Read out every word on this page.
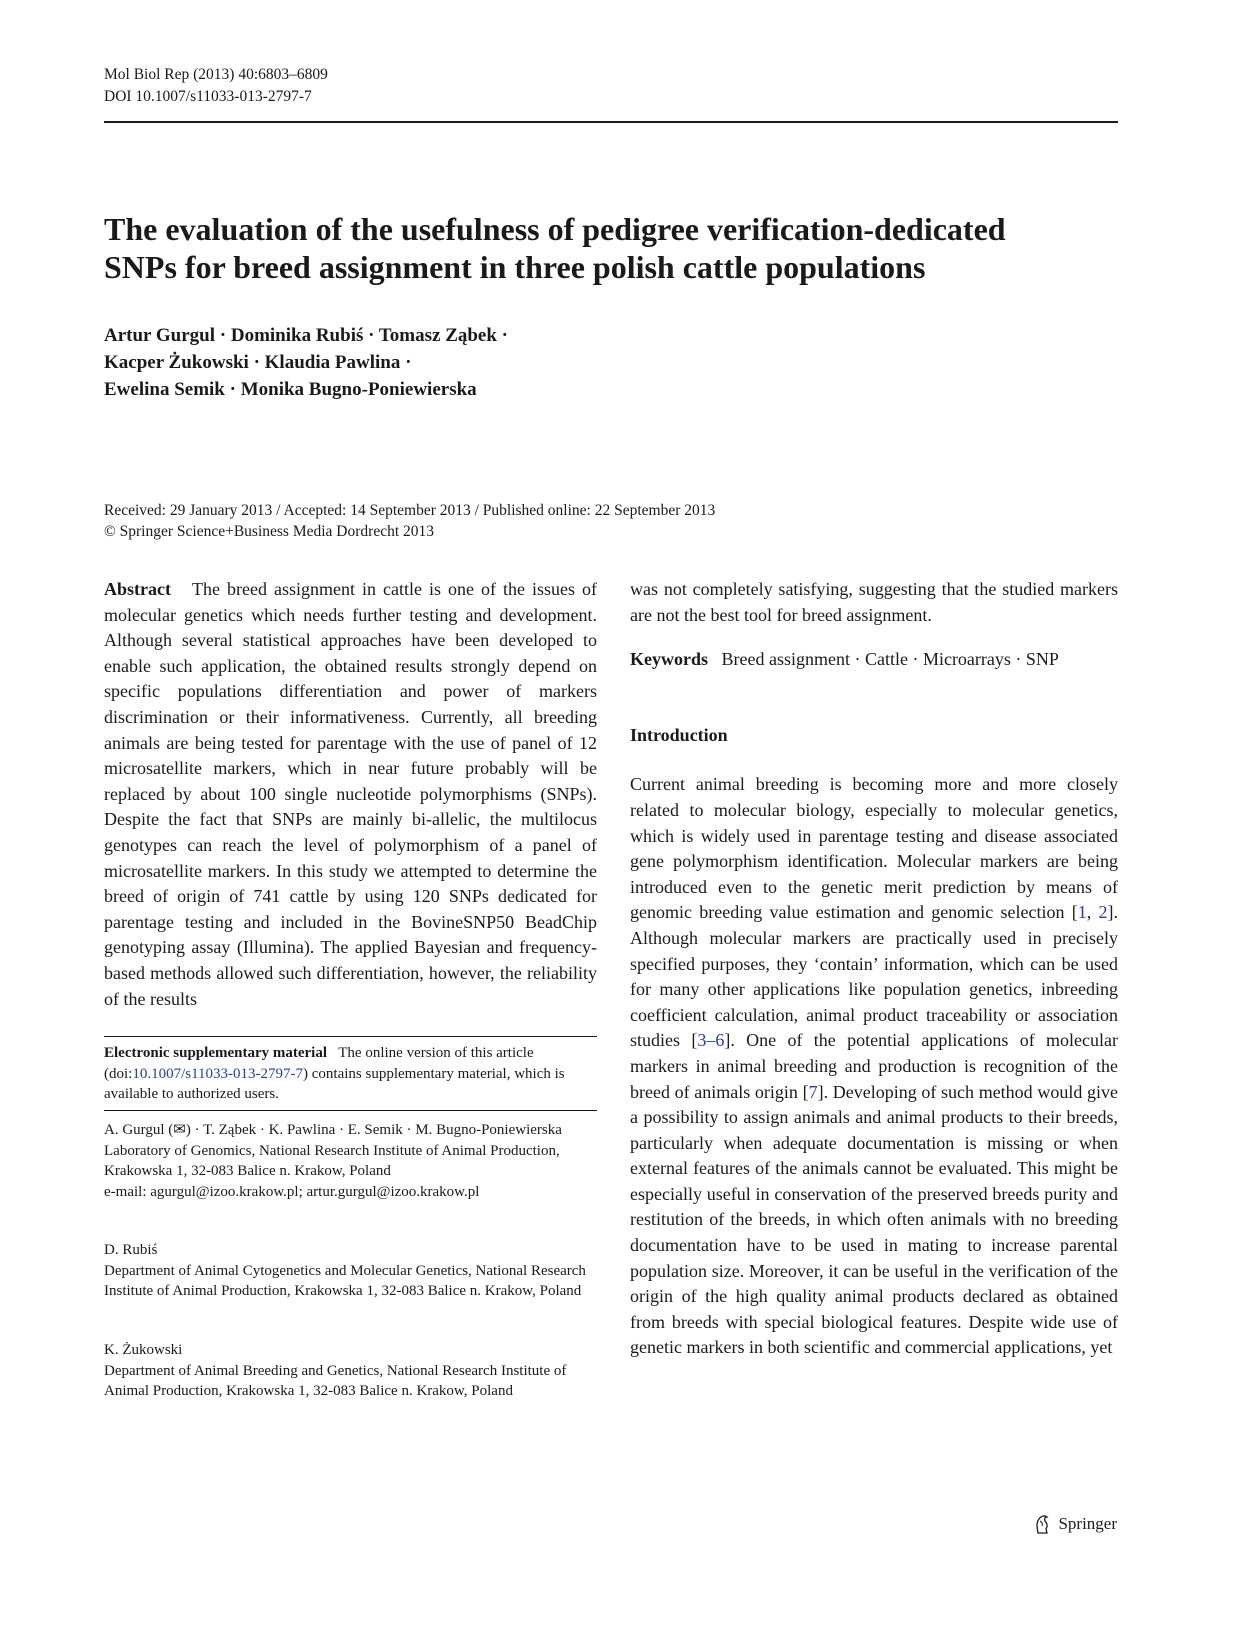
Mol Biol Rep (2013) 40:6803–6809
DOI 10.1007/s11033-013-2797-7
The evaluation of the usefulness of pedigree verification-dedicated
SNPs for breed assignment in three polish cattle populations
Artur Gurgul · Dominika Rubiś · Tomasz Ząbek ·
Kacper Żukowski · Klaudia Pawlina ·
Ewelina Semik · Monika Bugno-Poniewierska
Received: 29 January 2013 / Accepted: 14 September 2013 / Published online: 22 September 2013
© Springer Science+Business Media Dordrecht 2013

Abstract The breed assignment in cattle is one of the issues of molecular genetics which needs further testing and development. Although several statistical approaches have been developed to enable such application, the obtained results strongly depend on specific populations differentiation and power of markers discrimination or their informativeness. Currently, all breeding animals are being tested for parentage with the use of panel of 12 microsatellite markers, which in near future probably will be replaced by about 100 single nucleotide polymorphisms (SNPs). Despite the fact that SNPs are mainly bi-allelic, the multilocus genotypes can reach the level of polymorphism of a panel of microsatellite markers. In this study we attempted to determine the breed of origin of 741 cattle by using 120 SNPs dedicated for parentage testing and included in the BovineSNP50 BeadChip genotyping assay (Illumina). The applied Bayesian and frequency-based methods allowed such differentiation, however, the reliability of the results

Electronic supplementary material The online version of this article (doi:10.1007/s11033-013-2797-7) contains supplementary material, which is available to authorized users.

A. Gurgul (✉) · T. Ząbek · K. Pawlina · E. Semik · M. Bugno-Poniewierska

Laboratory of Genomics, National Research Institute of Animal Production, Krakowska 1, 32-083 Balice n. Krakow, Poland

e-mail: agurgul@izoo.krakow.pl; artur.gurgul@izoo.krakow.pl

D. Rubiś

Department of Animal Cytogenetics and Molecular Genetics, National Research Institute of Animal Production, Krakowska 1, 32-083 Balice n. Krakow, Poland

K. Żukowski

Department of Animal Breeding and Genetics, National Research Institute of Animal Production, Krakowska 1, 32-083 Balice n. Krakow, Poland

was not completely satisfying, suggesting that the studied markers are not the best tool for breed assignment.

Keywords Breed assignment · Cattle · Microarrays · SNP

Introduction

Current animal breeding is becoming more and more closely related to molecular biology, especially to molecular genetics, which is widely used in parentage testing and disease associated gene polymorphism identification. Molecular markers are being introduced even to the genetic merit prediction by means of genomic breeding value estimation and genomic selection [1, 2]. Although molecular markers are practically used in precisely specified purposes, they ‘contain’ information, which can be used for many other applications like population genetics, inbreeding coefficient calculation, animal product traceability or association studies [3–6]. One of the potential applications of molecular markers in animal breeding and production is recognition of the breed of animals origin [7]. Developing of such method would give a possibility to assign animals and animal products to their breeds, particularly when adequate documentation is missing or when external features of the animals cannot be evaluated. This might be especially useful in conservation of the preserved breeds purity and restitution of the breeds, in which often animals with no breeding documentation have to be used in mating to increase parental population size. Moreover, it can be useful in the verification of the origin of the high quality animal products declared as obtained from breeds with special biological features. Despite wide use of genetic markers in both scientific and commercial applications, yet

Springer
